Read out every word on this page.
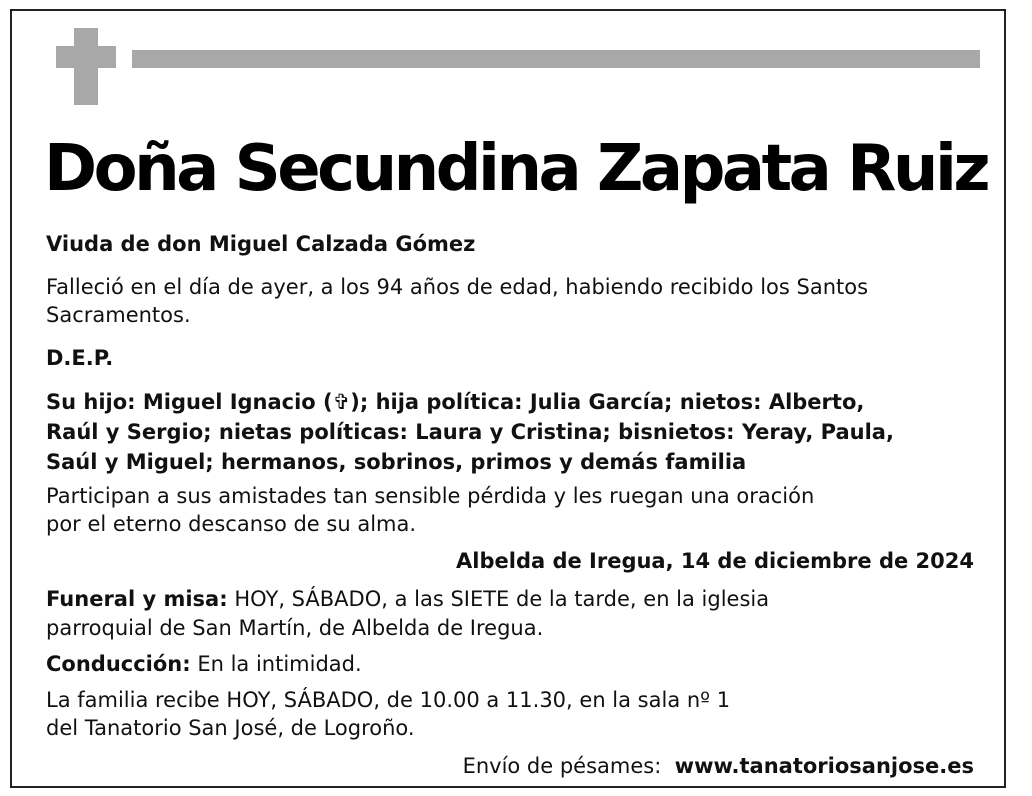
Doña Secundina Zapata Ruiz

Viuda de don Miguel Calzada Gómez

Falleció en el día de ayer, a los 94 años de edad, habiendo recibido los Santos

Sacramentos.

D.E.P.

Su hijo: Miguel Ignacio (✞); hija política: Julia García; nietos: Alberto,

Raúl y Sergio; nietas políticas: Laura y Cristina; bisnietos: Yeray, Paula,

Saúl y Miguel; hermanos, sobrinos, primos y demás familia

Participan a sus amistades tan sensible pérdida y les ruegan una oración

por el eterno descanso de su alma.

Albelda de Iregua, 14 de diciembre de 2024

Funeral y misa: HOY, SÁBADO, a las SIETE de la tarde, en la iglesia

parroquial de San Martín, de Albelda de Iregua.

Conducción: En la intimidad.

La familia recibe HOY, SÁBADO, de 10.00 a 11.30, en la sala nº 1

del Tanatorio San José, de Logroño.

Envío de pésames: www.tanatoriosanjose.es
